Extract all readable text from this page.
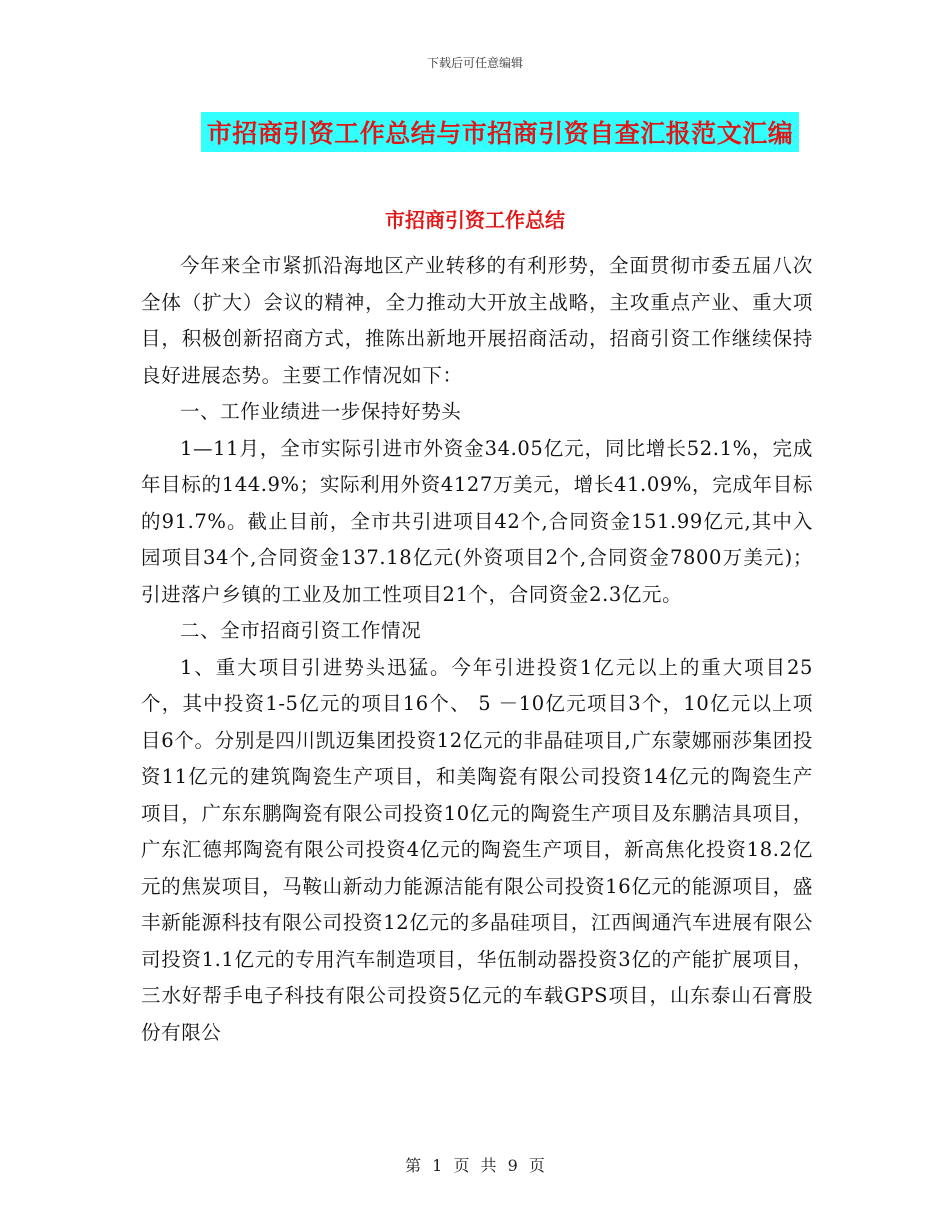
下载后可任意编辑
市招商引资工作总结与市招商引资自查汇报范文汇编
市招商引资工作总结

今年来全市紧抓沿海地区产业转移的有利形势，全面贯彻市委五届八次全体（扩大）会议的精神，全力推动大开放主战略，主攻重点产业、重大项目，积极创新招商方式，推陈出新地开展招商活动，招商引资工作继续保持良好进展态势。主要工作情况如下：

一、工作业绩进一步保持好势头

1—11月，全市实际引进市外资金34.05亿元，同比增长52.1%，完成年目标的144.9%；实际利用外资4127万美元，增长41.09%，完成年目标的91.7%。截止目前，全市共引进项目42个,合同资金151.99亿元,其中入园项目34个,合同资金137.18亿元(外资项目2个,合同资金7800万美元)；引进落户乡镇的工业及加工性项目21个，合同资金2.3亿元。

二、全市招商引资工作情况

1、重大项目引进势头迅猛。今年引进投资1亿元以上的重大项目25个，其中投资1-5亿元的项目16个、 5 －10亿元项目3个，10亿元以上项目6个。分别是四川凯迈集团投资12亿元的非晶硅项目,广东蒙娜丽莎集团投资11亿元的建筑陶瓷生产项目，和美陶瓷有限公司投资14亿元的陶瓷生产项目，广东东鹏陶瓷有限公司投资10亿元的陶瓷生产项目及东鹏洁具项目，广东汇德邦陶瓷有限公司投资4亿元的陶瓷生产项目，新高焦化投资18.2亿元的焦炭项目，马鞍山新动力能源洁能有限公司投资16亿元的能源项目，盛丰新能源科技有限公司投资12亿元的多晶硅项目，江西闽通汽车进展有限公司投资1.1亿元的专用汽车制造项目，华伍制动器投资3亿的产能扩展项目，三水好帮手电子科技有限公司投资5亿元的车载GPS项目，山东泰山石膏股份有限公

第 1 页 共 9 页
